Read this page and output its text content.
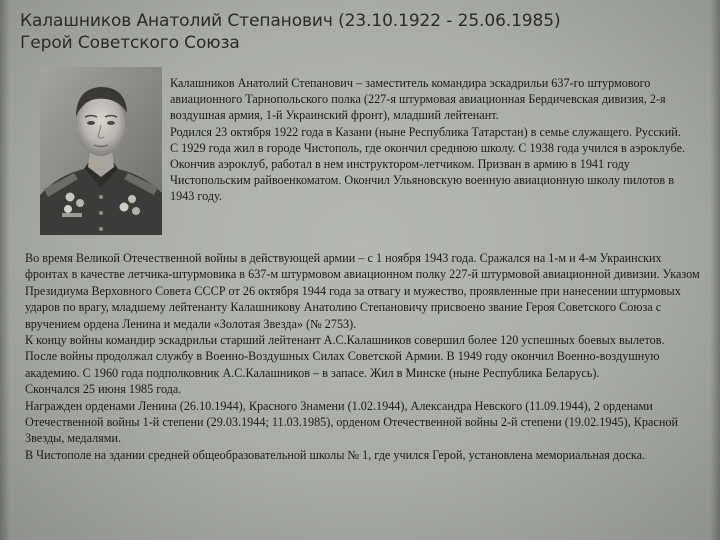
Калашников Анатолий Степанович (23.10.1922 - 25.06.1985)
Герой Советского Союза

Калашников Анатолий Степанович – заместитель командира эскадрильи 637-го штурмового авиационного Тарнопольского полка (227-я штурмовая авиационная Бердичевская дивизия, 2-я воздушная армия, 1-й Украинский фронт), младший лейтенант.

Родился 23 октября 1922 года в Казани (ныне Республика Татарстан) в семье служащего. Русский. С 1929 года жил в городе Чистополь, где окончил среднюю школу. С 1938 года учился в аэроклубе. Окончив аэроклуб, работал в нем инструктором-летчиком. Призван в армию в 1941 году Чистопольским райвоенкоматом. Окончил Ульяновскую военную авиационную школу пилотов в 1943 году.

Во время Великой Отечественной войны в действующей армии – с 1 ноября 1943 года. Сражался на 1-м и 4-м Украинских фронтах в качестве летчика-штурмовика в 637-м штурмовом авиационном полку 227-й штурмовой авиационной дивизии. Указом Президиума Верховного Совета СССР от 26 октября 1944 года за отвагу и мужество, проявленные при нанесении штурмовых ударов по врагу, младшему лейтенанту Калашникову Анатолию Степановичу присвоено звание Героя Советского Союза с вручением ордена Ленина и медали «Золотая Звезда» (№ 2753).

К концу войны командир эскадрильи старший лейтенант А.С.Калашников совершил более 120 успешных боевых вылетов.

После войны продолжал службу в Военно-Воздушных Силах Советской Армии. В 1949 году окончил Военно-воздушную академию. С 1960 года подполковник А.С.Калашников – в запасе. Жил в Минске (ныне Республика Беларусь).

Скончался 25 июня 1985 года.

Награжден орденами Ленина (26.10.1944), Красного Знамени (1.02.1944), Александра Невского (11.09.1944), 2 орденами Отечественной войны 1-й степени (29.03.1944; 11.03.1985), орденом Отечественной войны 2-й степени (19.02.1945), Красной Звезды, медалями.

В Чистополе на здании средней общеобразовательной школы № 1, где учился Герой, установлена мемориальная доска.
